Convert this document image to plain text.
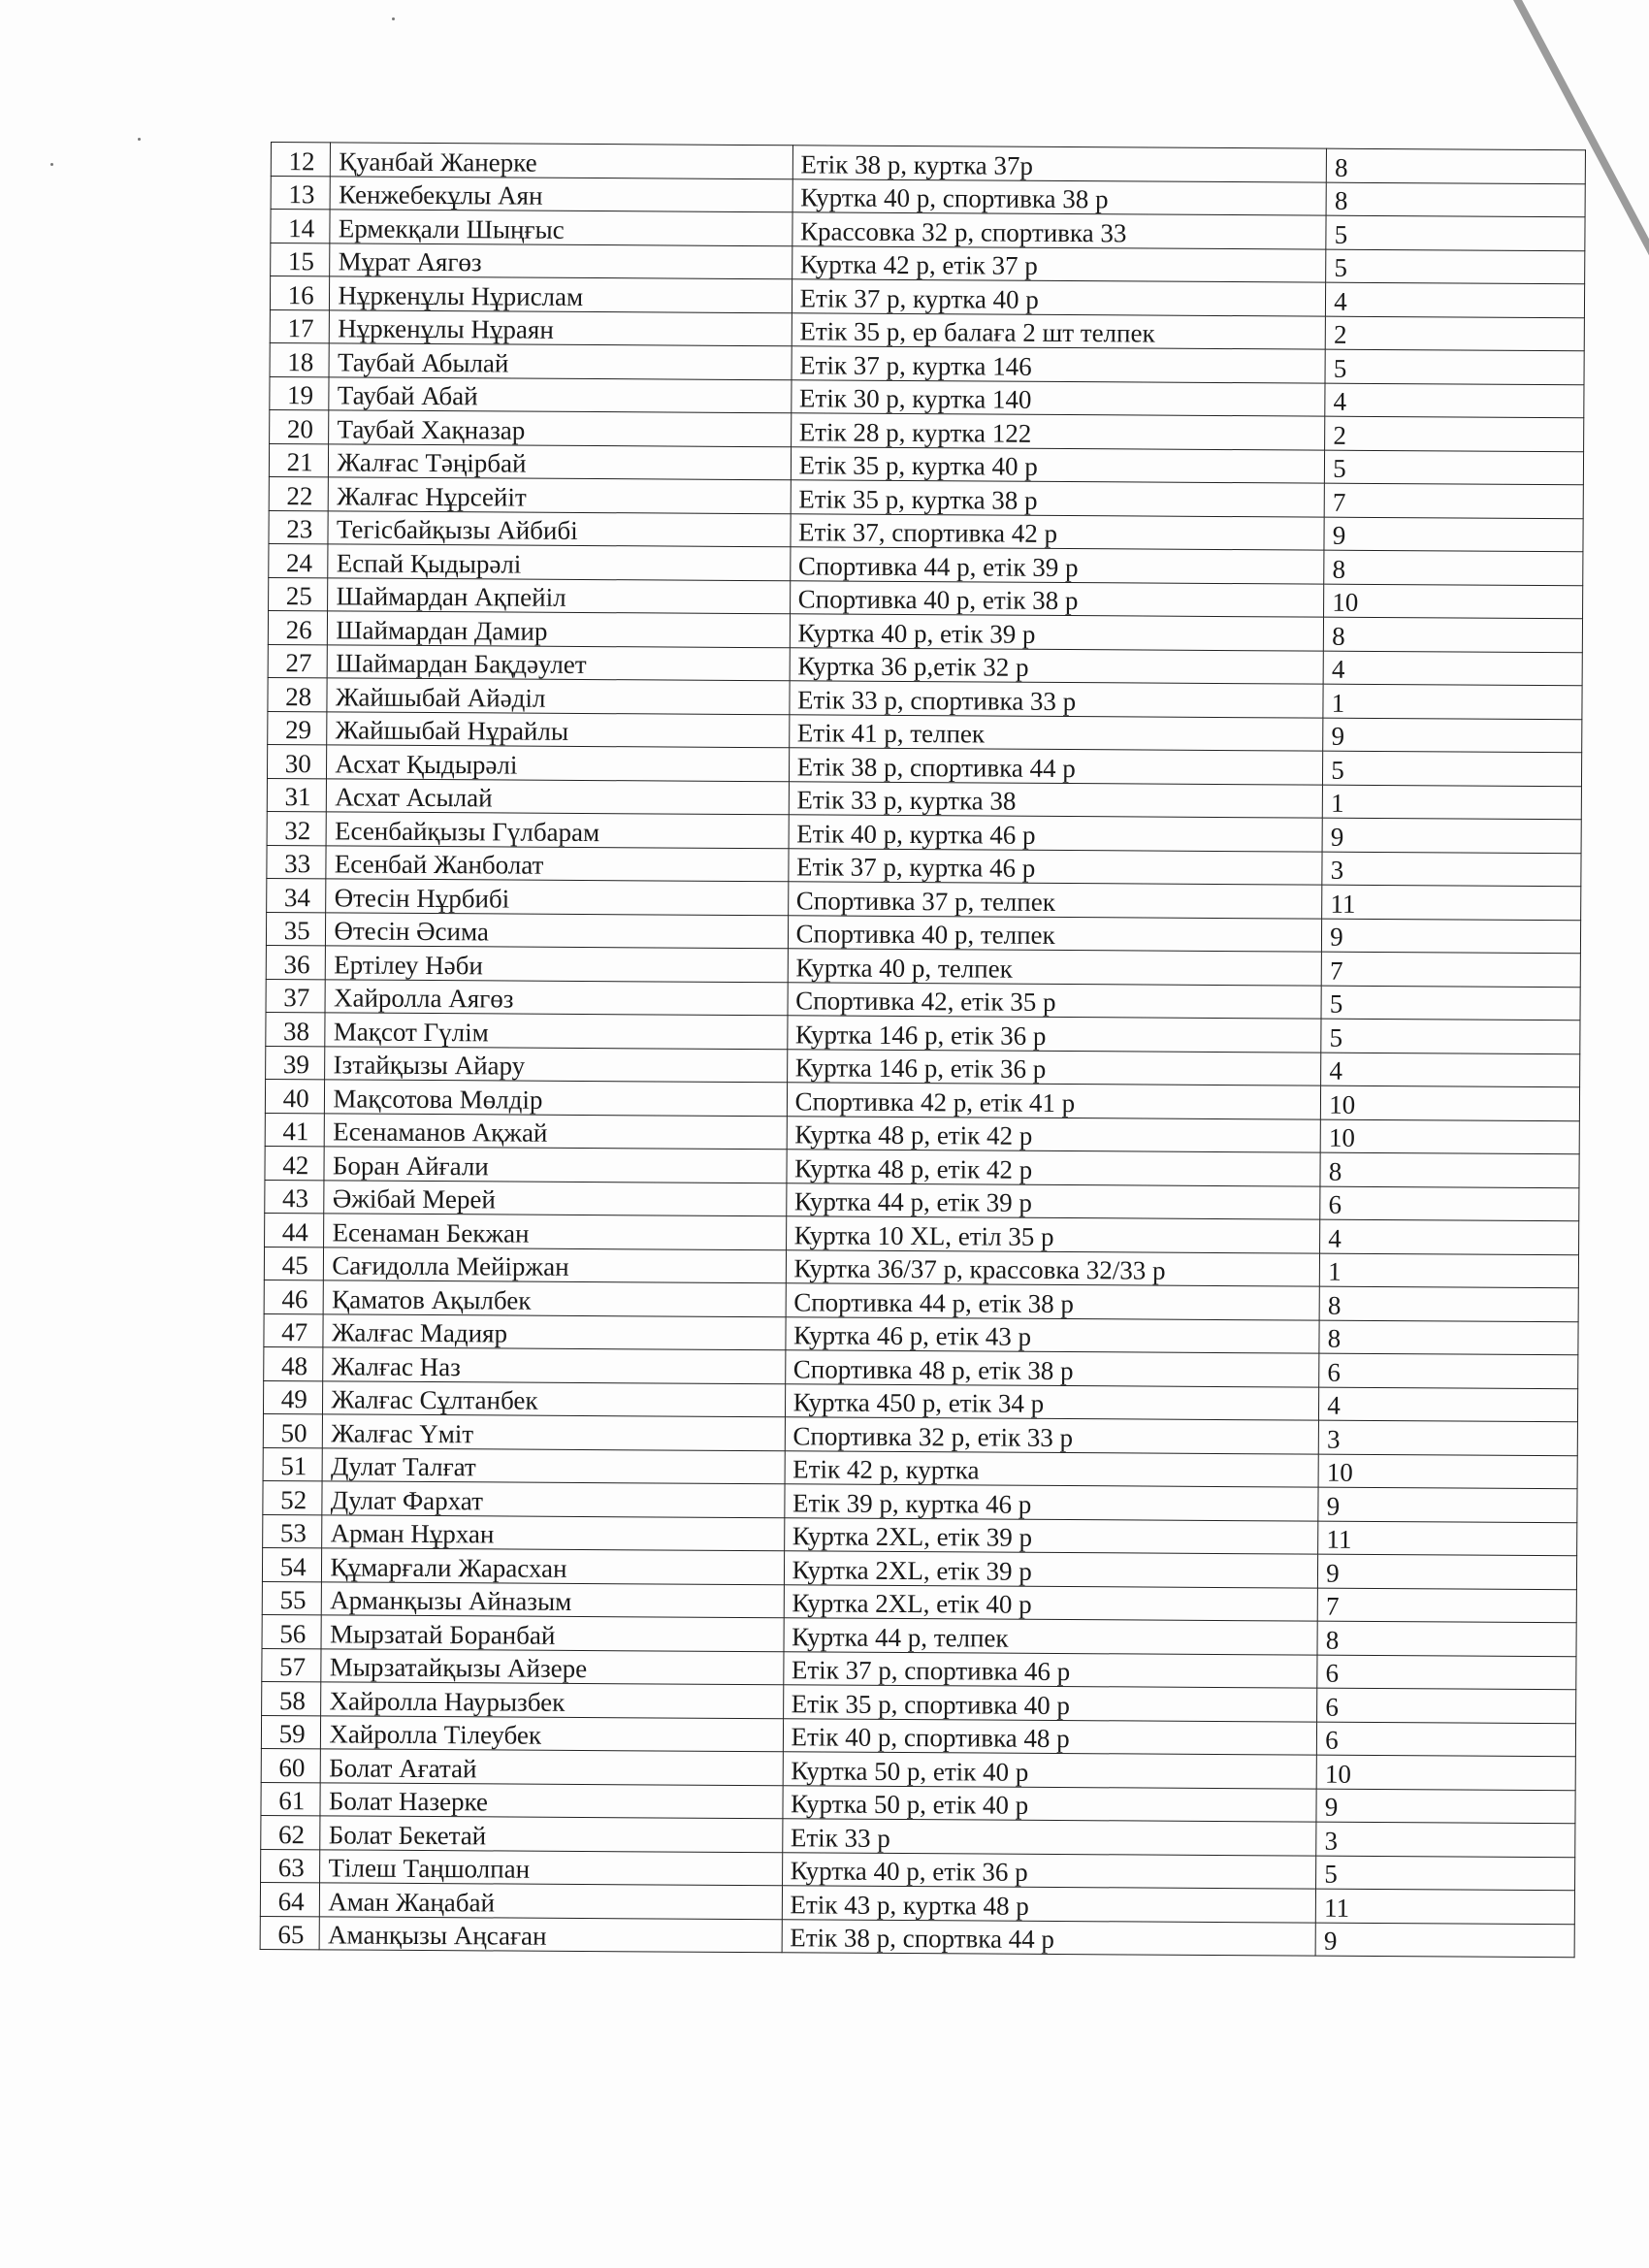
12	Қуанбай Жанерке	Етік 38 р, куртка 37р	8
13	Кенжебекұлы Аян	Куртка 40 р, спортивка 38 р	8
14	Ермекқали Шыңғыс	Крассовка 32 р, спортивка 33	5
15	Мұрат Аягөз	Куртка 42 р, етік 37 р	5
16	Нұркенұлы Нұрислам	Етік 37 р, куртка 40 р	4
17	Нұркенұлы Нұраян	Етік 35 р, ер балаға 2 шт телпек	2
18	Таубай Абылай	Етік 37 р, куртка 146	5
19	Таубай Абай	Етік 30 р, куртка 140	4
20	Таубай Хақназар	Етік 28 р, куртка 122	2
21	Жалғас Тәңірбай	Етік 35 р, куртка 40 р	5
22	Жалғас Нұрсейіт	Етік 35 р, куртка 38 р	7
23	Тегісбайқызы Айбибі	Етік 37, спортивка 42 р	9
24	Еспай Қыдырәлі	Спортивка 44 р, етік 39 р	8
25	Шаймардан Ақпейіл	Спортивка 40 р, етік 38 р	10
26	Шаймардан Дамир	Куртка 40 р, етік 39 р	8
27	Шаймардан Бақдәулет	Куртка 36 р,етік 32 р	4
28	Жайшыбай Айәділ	Етік 33 р, спортивка 33 р	1
29	Жайшыбай Нұрайлы	Етік 41 р, телпек	9
30	Асхат Қыдырәлі	Етік 38 р, спортивка 44 р	5
31	Асхат Асылай	Етік 33 р, куртка 38	1
32	Есенбайқызы Гүлбарам	Етік 40 р, куртка 46 р	9
33	Есенбай Жанболат	Етік 37 р, куртка 46 р	3
34	Өтесін Нұрбибі	Спортивка 37 р, телпек	11
35	Өтесін Әсима	Спортивка 40 р, телпек	9
36	Ертілеу Нәби	Куртка 40 р, телпек	7
37	Хайролла Аягөз	Спортивка 42, етік 35 р	5
38	Мақсот Гүлім	Куртка 146 р, етік 36 р	5
39	Ізтайқызы Айару	Куртка 146 р, етік 36 р	4
40	Мақсотова Мөлдір	Спортивка 42 р, етік 41 р	10
41	Есенаманов Ақжай	Куртка 48 р, етік 42 р	10
42	Боран Айғали	Куртка 48 р, етік 42 р	8
43	Әжібай Мерей	Куртка 44 р, етік 39 р	6
44	Есенаман Бекжан	Куртка 10 XL, етіл 35 р	4
45	Сағидолла Мейіржан	Куртка 36/37 р, крассовка 32/33 р	1
46	Қаматов Ақылбек	Спортивка 44 р, етік 38 р	8
47	Жалғас Мадияр	Куртка 46 р, етік 43 р	8
48	Жалғас Наз	Спортивка 48 р, етік 38 р	6
49	Жалғас Сұлтанбек	Куртка 450 р, етік 34 р	4
50	Жалғас Үміт	Спортивка 32 р, етік 33 р	3
51	Дулат Талғат	Етік 42 р, куртка	10
52	Дулат Фархат	Етік 39 р, куртка 46 р	9
53	Арман Нұрхан	Куртка 2XL, етік 39 р	11
54	Құмарғали Жарасхан	Куртка 2XL, етік 39 р	9
55	Арманқызы Айназым	Куртка 2XL, етік 40 р	7
56	Мырзатай Боранбай	Куртка 44 р, телпек	8
57	Мырзатайқызы Айзере	Етік 37 р, спортивка 46 р	6
58	Хайролла Наурызбек	Етік 35 р, спортивка 40 р	6
59	Хайролла Тілеубек	Етік 40 р, спортивка 48 р	6
60	Болат Ағатай	Куртка 50 р, етік 40 р	10
61	Болат Назерке	Куртка 50 р, етік 40 р	9
62	Болат Бекетай	Етік 33 р	3
63	Тілеш Таңшолпан	Куртка 40 р, етік 36 р	5
64	Аман Жаңабай	Етік 43 р, куртка 48 р	11
65	Аманқызы Аңсаған	Етік 38 р, спортвка 44 р	9
